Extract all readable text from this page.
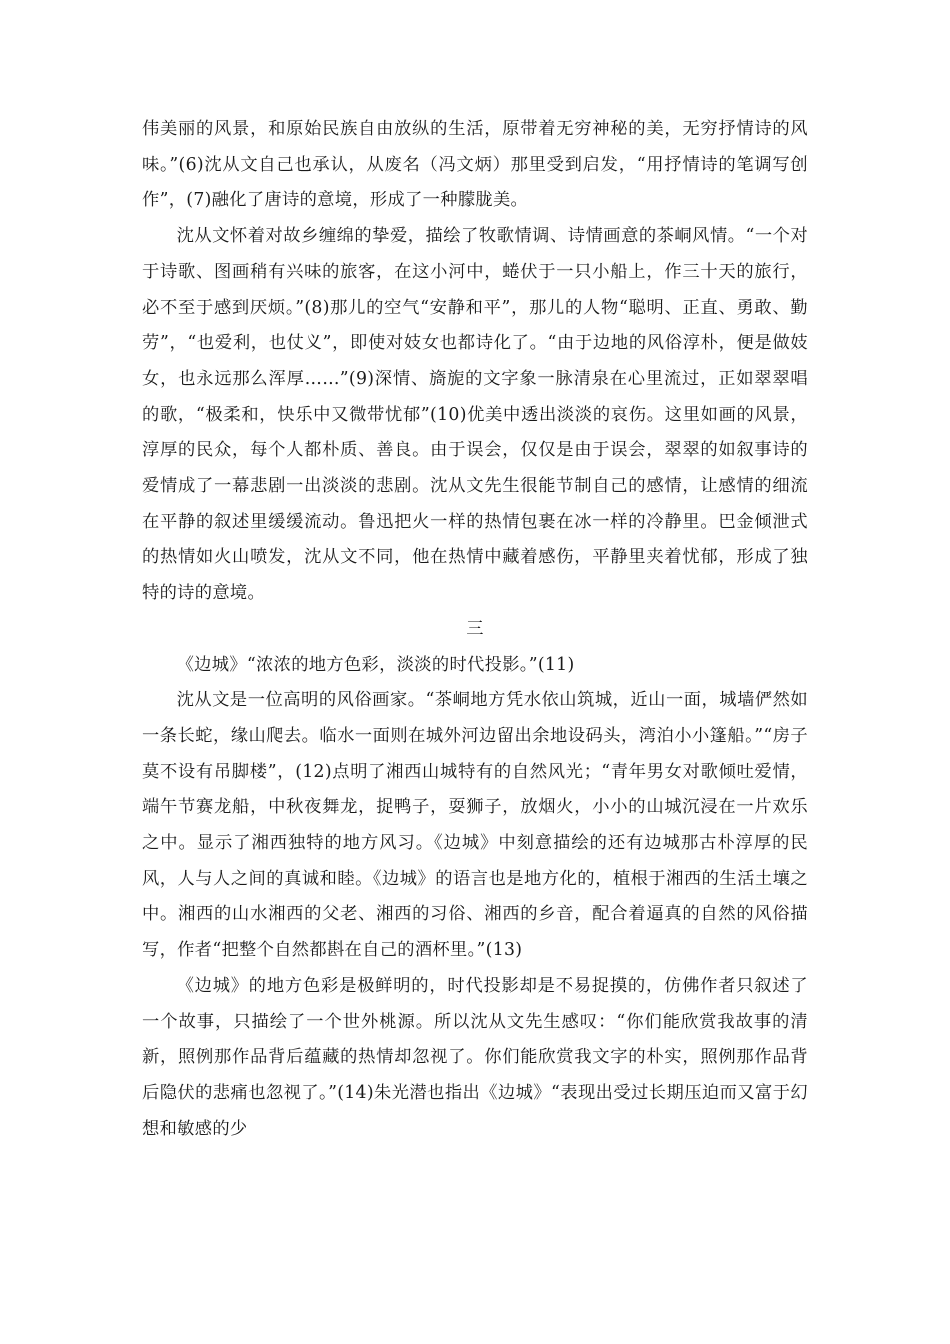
伟美丽的风景，和原始民族自由放纵的生活，原带着无穷神秘的美，无穷抒情诗的风味。”(6)沈从文自己也承认，从废名（冯文炳）那里受到启发，“用抒情诗的笔调写创作”，(7)融化了唐诗的意境，形成了一种朦胧美。

沈从文怀着对故乡缠绵的挚爱，描绘了牧歌情调、诗情画意的茶峒风情。“一个对于诗歌、图画稍有兴味的旅客，在这小河中，蜷伏于一只小船上，作三十天的旅行，必不至于感到厌烦。”(8)那儿的空气“安静和平”，那儿的人物“聪明、正直、勇敢、勤劳”，“也爱利，也仗义”，即使对妓女也都诗化了。“由于边地的风俗淳朴，便是做妓女，也永远那么浑厚……”(9)深情、旖旎的文字象一脉清泉在心里流过，正如翠翠唱的歌，“极柔和，快乐中又微带忧郁”(10)优美中透出淡淡的哀伤。这里如画的风景，淳厚的民众，每个人都朴质、善良。由于误会，仅仅是由于误会，翠翠的如叙事诗的爱情成了一幕悲剧一出淡淡的悲剧。沈从文先生很能节制自己的感情，让感情的细流在平静的叙述里缓缓流动。鲁迅把火一样的热情包裹在冰一样的冷静里。巴金倾泄式的热情如火山喷发，沈从文不同，他在热情中藏着感伤，平静里夹着忧郁，形成了独特的诗的意境。

三

《边城》“浓浓的地方色彩，淡淡的时代投影。”(11)

沈从文是一位高明的风俗画家。“茶峒地方凭水依山筑城，近山一面，城墙俨然如一条长蛇，缘山爬去。临水一面则在城外河边留出余地设码头，湾泊小小篷船。”“房子莫不设有吊脚楼”，(12)点明了湘西山城特有的自然风光；“青年男女对歌倾吐爱情，端午节赛龙船，中秋夜舞龙，捉鸭子，耍狮子，放烟火，小小的山城沉浸在一片欢乐之中。显示了湘西独特的地方风习。《边城》中刻意描绘的还有边城那古朴淳厚的民风，人与人之间的真诚和睦。《边城》的语言也是地方化的，植根于湘西的生活土壤之中。湘西的山水湘西的父老、湘西的习俗、湘西的乡音，配合着逼真的自然的风俗描写，作者“把整个自然都斟在自己的酒杯里。”(13)

《边城》的地方色彩是极鲜明的，时代投影却是不易捉摸的，仿佛作者只叙述了一个故事，只描绘了一个世外桃源。所以沈从文先生感叹：“你们能欣赏我故事的清新，照例那作品背后蕴藏的热情却忽视了。你们能欣赏我文字的朴实，照例那作品背后隐伏的悲痛也忽视了。”(14)朱光潜也指出《边城》“表现出受过长期压迫而又富于幻想和敏感的少
